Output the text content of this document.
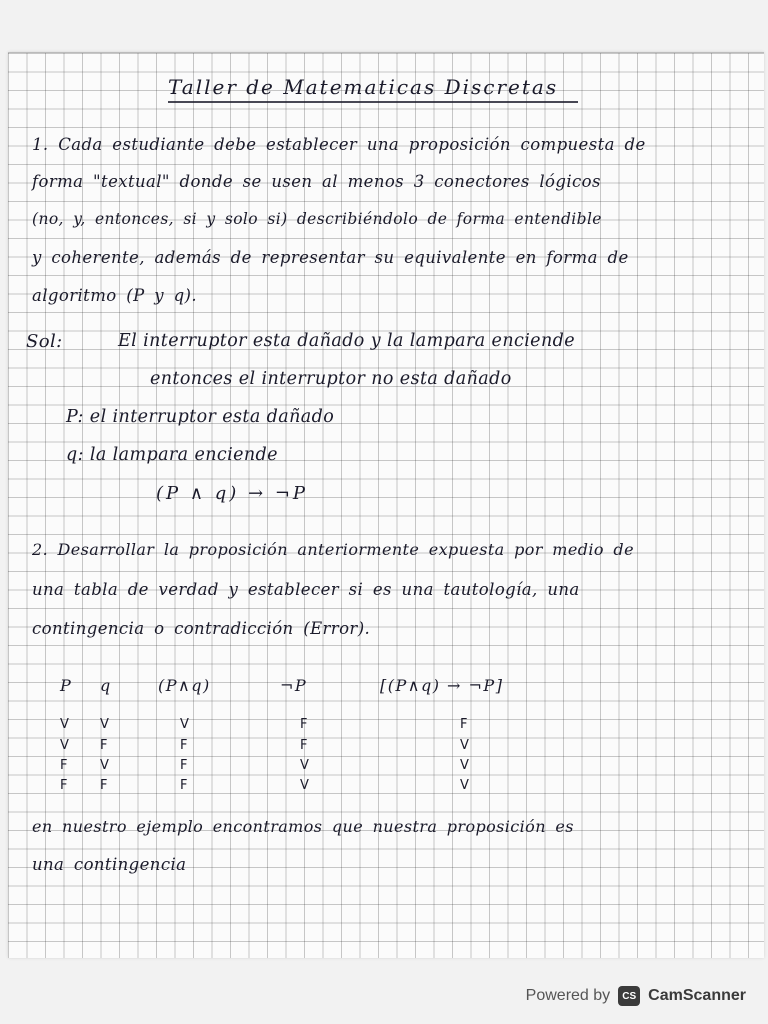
Taller de Matematicas Discretas
1. Cada estudiante debe establecer una proposición compuesta de
forma "textual" donde se usen al menos 3 conectores lógicos
(no, y, entonces, si y solo si) describiéndolo de forma entendible
y coherente, además de representar su equivalente en forma de
algoritmo (P y q).
Sol:	El interruptor esta dañado y la lampara enciende
entonces el interruptor no esta dañado
P: el interruptor esta dañado
q: la lampara enciende
(P ∧ q) → ¬P
2. Desarrollar la proposición anteriormente expuesta por medio de
una tabla de verdad y establecer si es una tautología, una
contingencia o contradicción (Error).
P q	(P∧q)	¬P	[(P∧q) → ¬P]
V V	V	F	F
V F	F	F	V
F V	F	V	V
F F	F	V	V
en nuestro ejemplo encontramos que nuestra proposición es
una contingencia
Powered by	CS CamScanner
